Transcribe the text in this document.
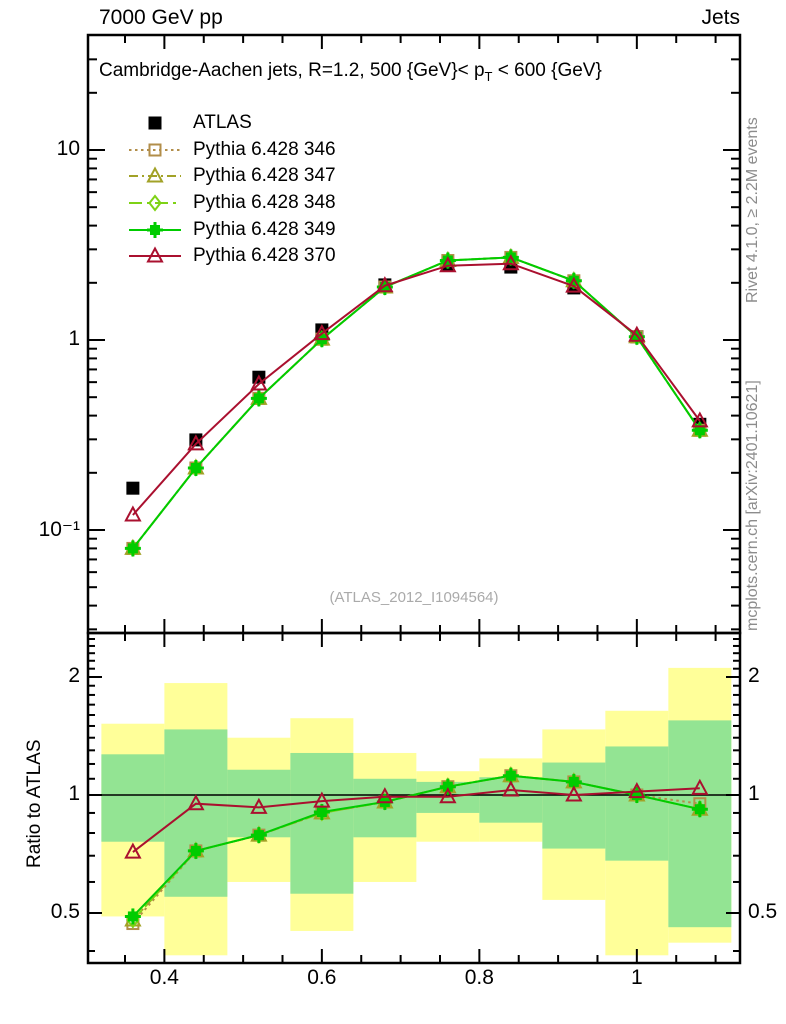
7000 GeV pp	Jets
Cambridge-Aachen jets, R=1.2, 500 $\{GeV\}< p_T < 600$ {GeV}
ATLAS
Pythia 6.428 346
Pythia 6.428 347
Pythia 6.428 348
Pythia 6.428 349
Pythia 6.428 370
(ATLAS_2012_I1094564)
Rivet 4.1.0, ≥ 2.2M events
mcplots.cern.ch [arXiv:2401.10621]
Ratio to ATLAS
0.4	0.6	0.8	1
10
1
10⁻¹
2	2
1	1
0.5	0.5
